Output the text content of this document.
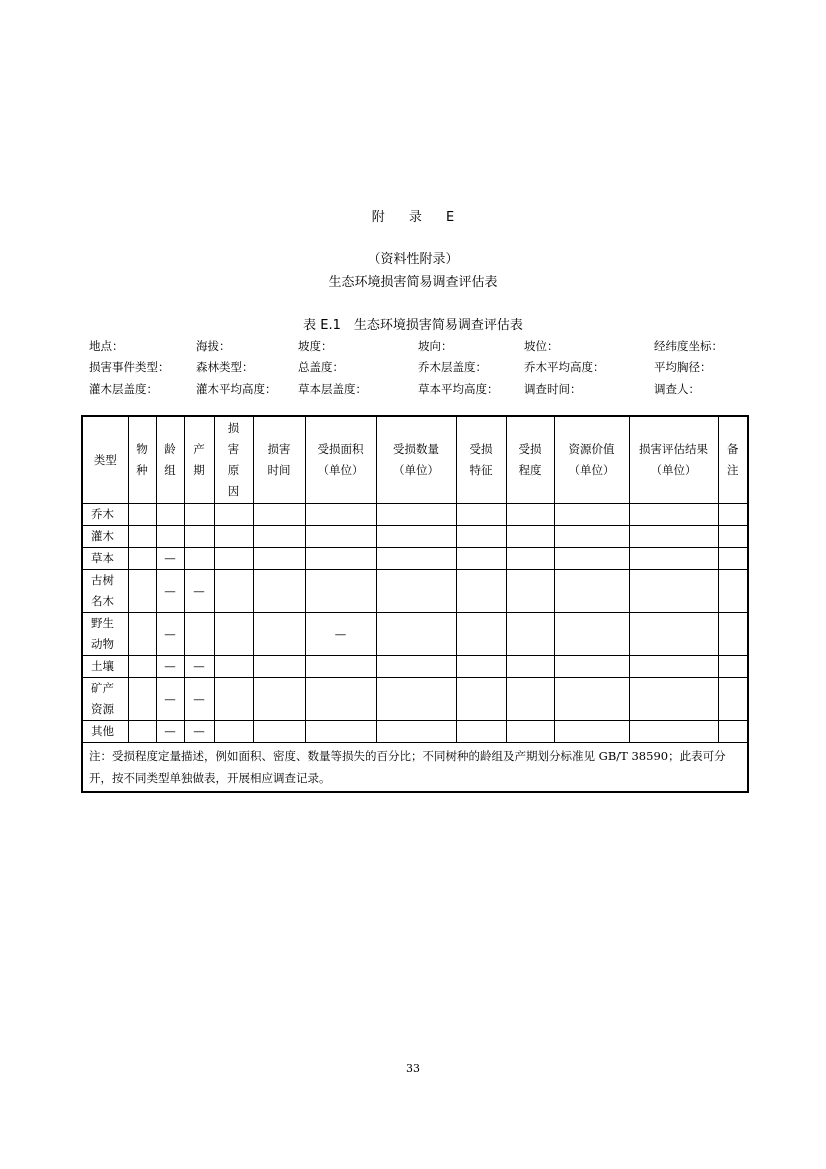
附 录 E
（资料性附录）
生态环境损害简易调查评估表
表 E.1　生态环境损害简易调查评估表
地点：	海拔：	坡度：	坡向：	坡位：	经纬度坐标：
损害事件类型： 森林类型：	总盖度：	乔木层盖度：	乔木平均高度：	平均胸径：
灌木层盖度：	灌木平均高度： 草本层盖度：	草本平均高度： 调查时间：	调查人：
类型	物种	龄组	产期	损害原因	损害时间	受损面积（单位）	受损数量（单位）	受损特征	受损程度	资源价值（单位）	损害评估结果（单位）	备注
乔木												
灌木												
草本		—										
古树名木		—	—									
野生动物		—				—						
土壤		—	—									
矿产资源		—	—									
其他		—	—									
注：受损程度定量描述，例如面积、密度、数量等损失的百分比；不同树种的龄组及产期划分标准见 GB/T 38590；此表可分开，按不同类型单独做表，开展相应调查记录。												
33
